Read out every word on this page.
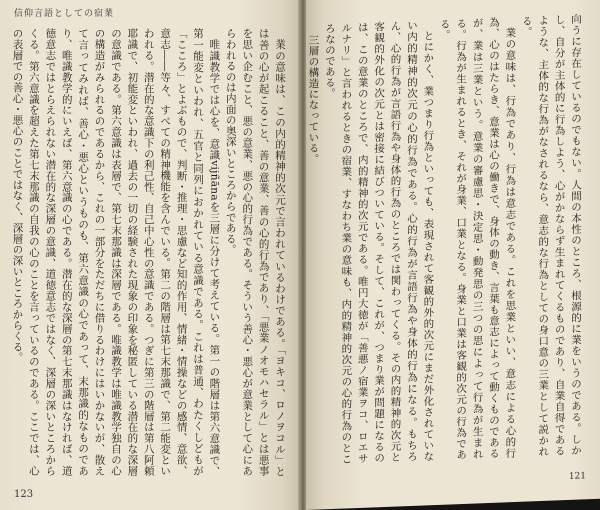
信仰言語としての宿業

業の意味は、この内的精神的次元で言われているわけである。「ヨキコ、ロノヲコル」とは善の心が起こること、善の意業、善の心的行為であり、「悪業ノオモハセラル」とは悪事を思い企むこと、悪の意業、悪の心的行為である。そういう善心・悪心が意業として心にあらわれるのは内面の奥深いところからである。

唯識教学では心を、意識vijñānaを三層に分けて考えている。第一の階層は第六意識で、第一能変といわれ、五官と同列におかれている意識である。これは普通、わたくしどもが「こころ」とよぶもので、判断・推理・思慮など知的作用、情緒・情操などの感情、意欲、意志――等々、すべての精神機能を含んでいる。第二の階層は第七末那識で、第二能変といわれる。潜在的な意識下の利己性、自己中心性の意識である。つぎに第三の階層は第八阿頼耶識で、初能変といわれ、過去の一切の経験された現象の印象を秘匿している潜在的な深層の意識である。第六意識は表層で、第七末那識は深層である。唯識教学は唯識教学独自の心の構造がみられるのであるから、これの一部分をただちに借りるわけにはいかないが、散えて言ってみれば、善心・悪心というものも、第六意識の心であって、末那識的なものであり、唯識教学的にいえば、第六意識の心である。潜在的な深層の第七末那識はなければ、道徳意志ではとらえられない潜在的な深層の意識、道徳意志ではなく、深層の深いところからくる。第六意識を超えた第七末那識の自我の心のことを言っているのである。ここでは、心の表層での善心・悪心のことではなく、深層の深いところからくる。

123

向うに存在しているのでもない。人間の本性のところ、根源的に業をいうのである。しかし、自分が主体的に行為しよう、心がかならず生まれてくるものであり、自業自得であるような、主体的な行為がなされるなら、意志的な行為としての身口意の三業として説かれる。

業の意味は、行為であり、行為は意志である。これを思業といい、意志による心的行為、心のはたらき、意業は心の働きで、身体の動き、言葉も意志によって動くものであるが、業は三業という。意業の審慮思・決定思・動発思の三つの思によって行為が生まれる。行為が生まれるとき、それが身業、口業となる。身業と口業は客観的次元の行為である。

とにかく、業つまり行為といっても、表現されて客観的外的次元にまだ外化されていない内的精神的次元の心的行為である。心的行為が言語行為や身体的行為になる。もちろん、心的行為が言語行為や身体的行為のところでは関わってくる。その内的精神的次元と客観的外化の次元とは密接に結びついている。そして、これが、つまり業が問題になるのは、この意業のところで、内的精神的次元である。唯円大徳が「善悪ノ宿業ヲコ、ロエサルナリ」と言われるときの宿業、すなわち業の意味も、内的精神的次元の心的行為のところなのである。

三層の構造になっている。

121
